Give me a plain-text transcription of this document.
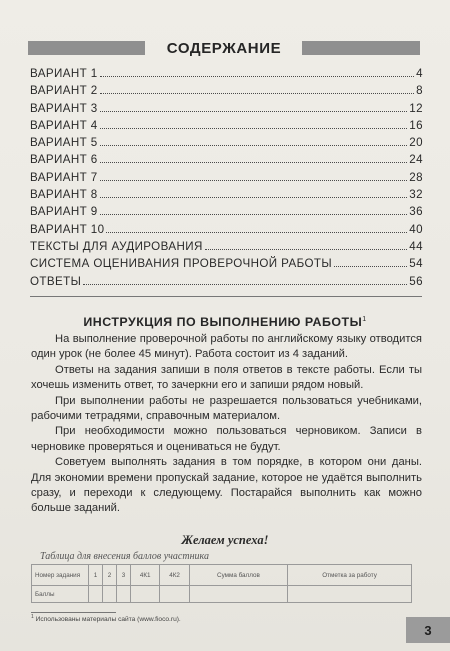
СОДЕРЖАНИЕ
ВАРИАНТ 1	4
ВАРИАНТ 2	8
ВАРИАНТ 3	12
ВАРИАНТ 4	16
ВАРИАНТ 5	20
ВАРИАНТ 6	24
ВАРИАНТ 7	28
ВАРИАНТ 8	32
ВАРИАНТ 9	36
ВАРИАНТ 10	40
ТЕКСТЫ ДЛЯ АУДИРОВАНИЯ	44
СИСТЕМА ОЦЕНИВАНИЯ ПРОВЕРОЧНОЙ РАБОТЫ	54
ОТВЕТЫ	56
ИНСТРУКЦИЯ ПО ВЫПОЛНЕНИЮ РАБОТЫ$^1$

На выполнение проверочной работы по английскому языку отводится один урок (не более 45 минут). Работа состоит из 4 заданий.

Ответы на задания запиши в поля ответов в тексте работы. Если ты хочешь изменить ответ, то зачеркни его и запиши рядом новый.

При выполнении работы не разрешается пользоваться учебниками, рабочими тетрадями, справочным материалом.

При необходимости можно пользоваться черновиком. Записи в черновике проверяться и оцениваться не будут.

Советуем выполнять задания в том порядке, в котором они даны. Для экономии времени пропускай задание, которое не удаётся выполнить сразу, и переходи к следующему. Постарайся выполнить как можно больше заданий.

Желаем успеха!
Таблица для внесения баллов участника
Номер задания	1	2	3	4К1	4К2	Сумма баллов	Отметка за работу
Баллы							
$^1$ Использованы материалы сайта (www.fioco.ru).
3
